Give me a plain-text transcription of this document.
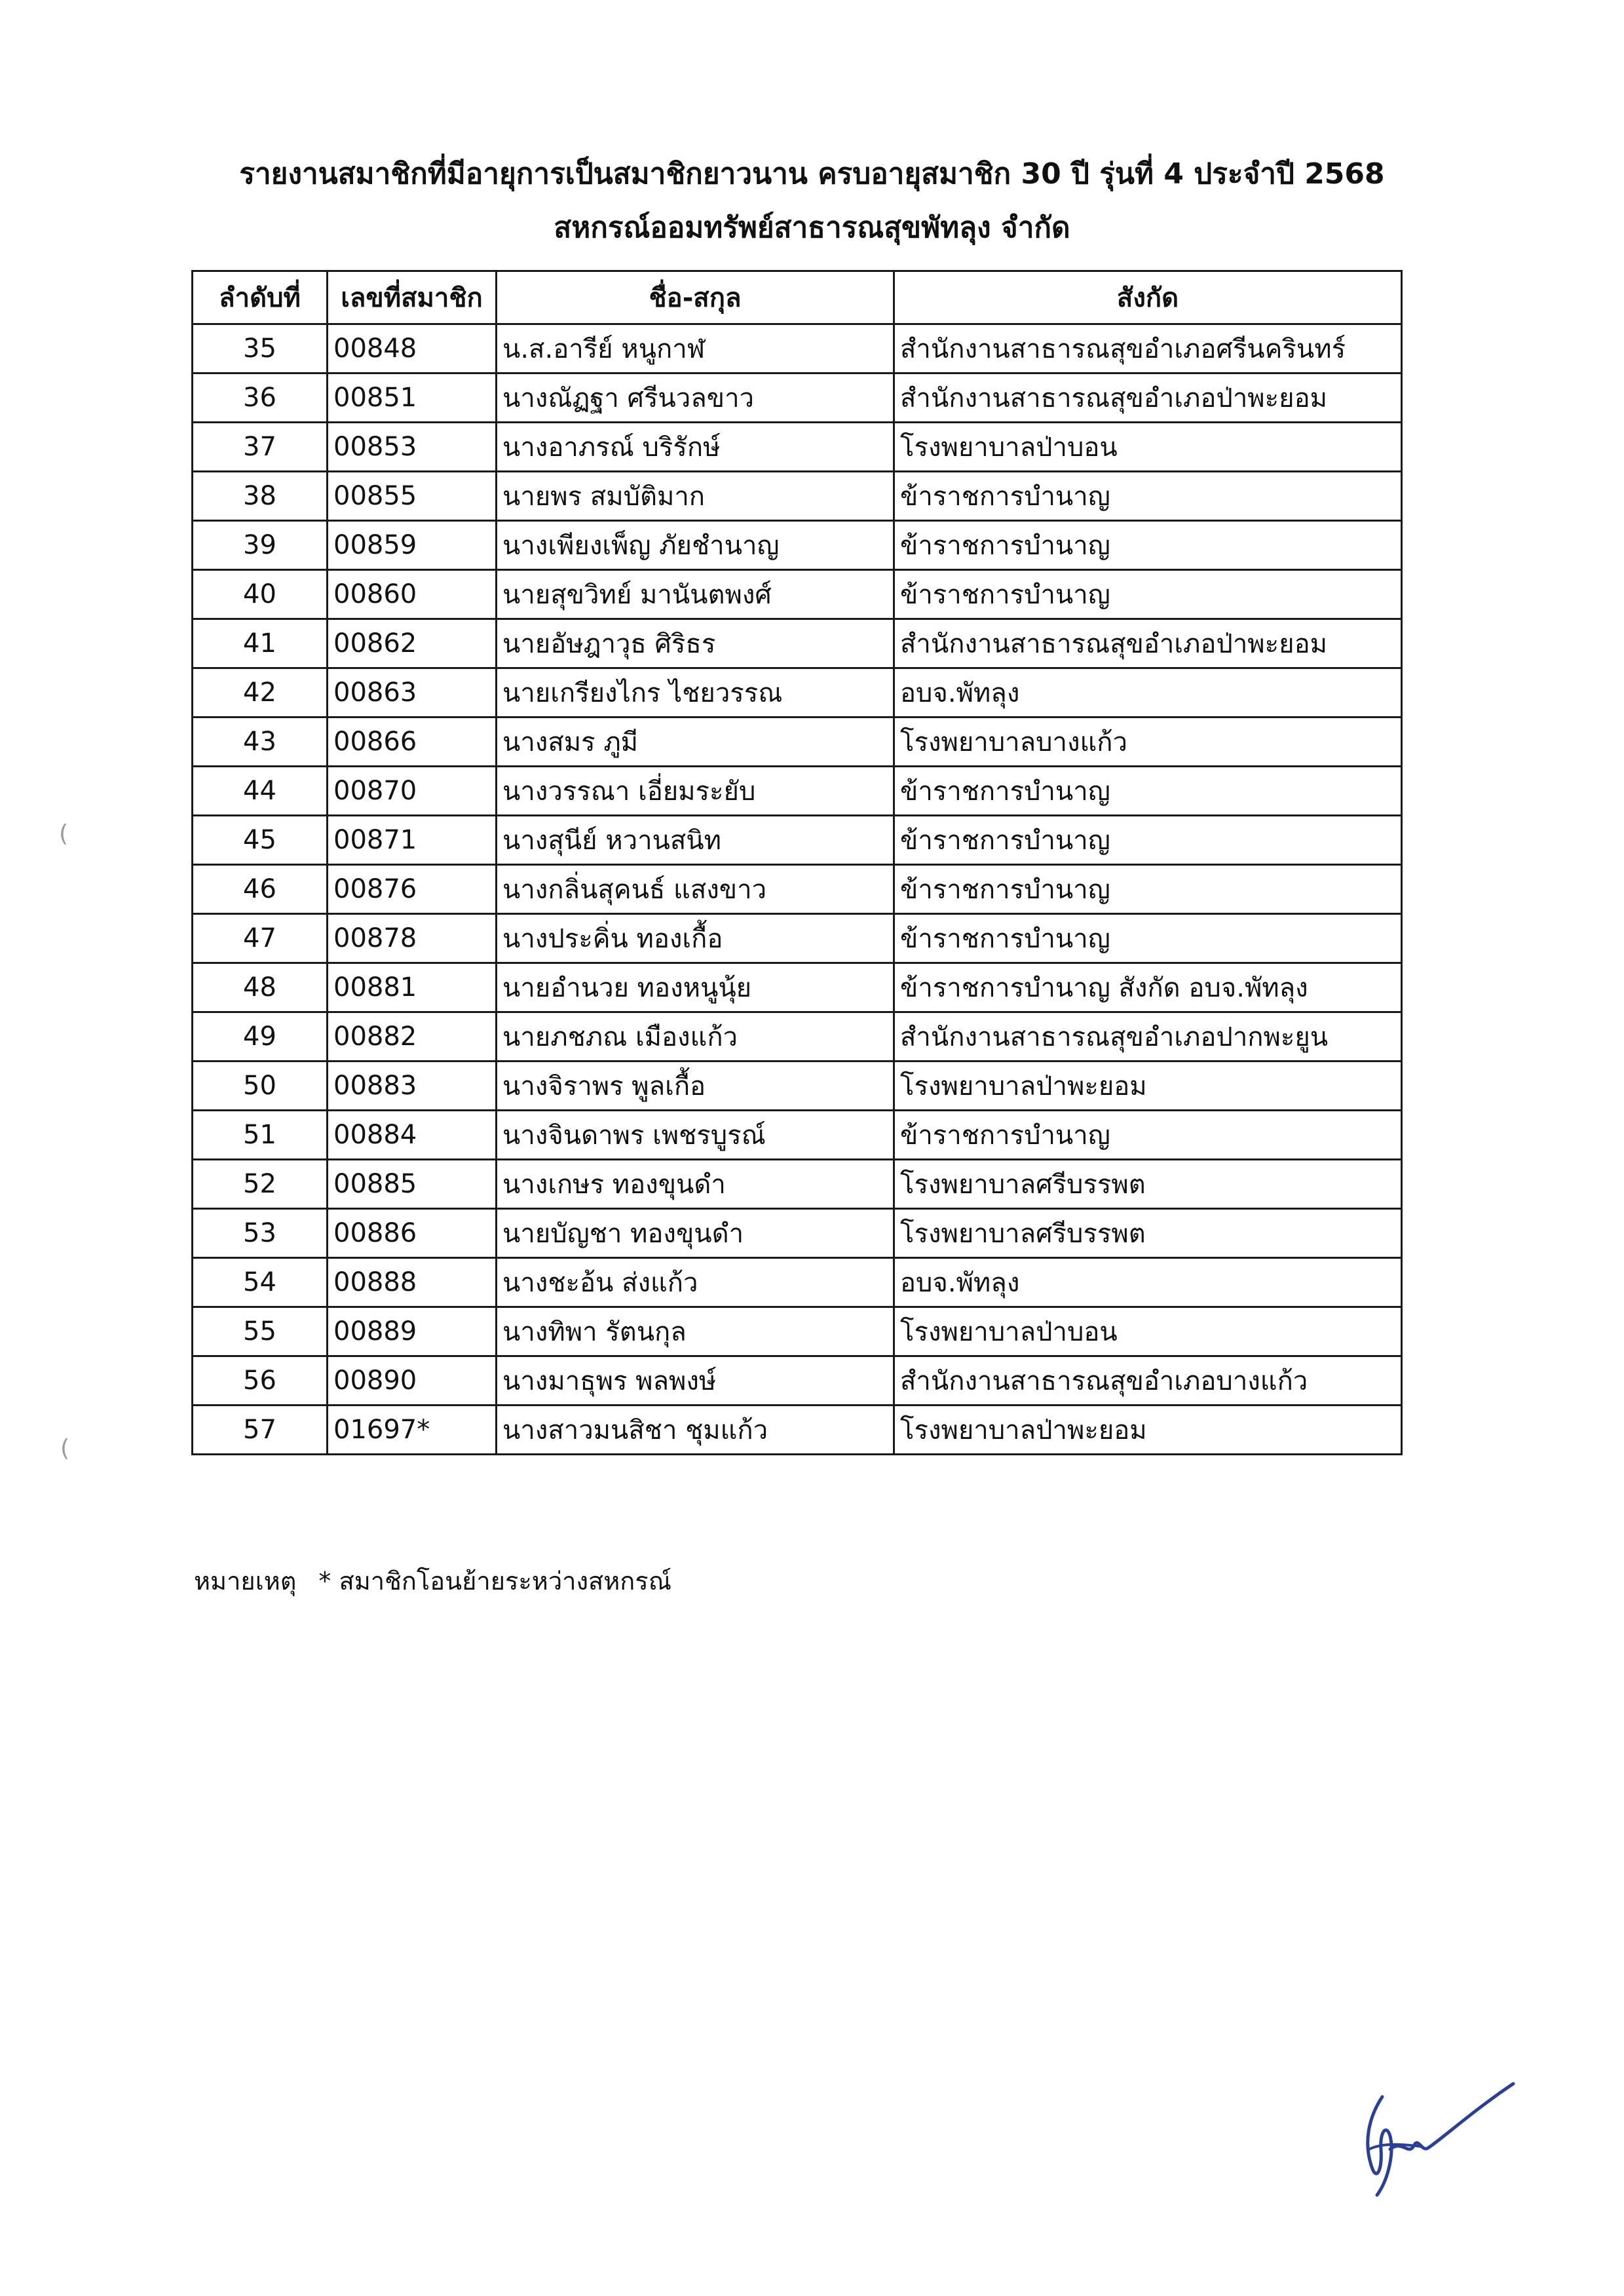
รายงานสมาชิกที่มีอายุการเป็นสมาชิกยาวนาน ครบอายุสมาชิก 30 ปี รุ่นที่ 4 ประจำปี 2568
สหกรณ์ออมทรัพย์สาธารณสุขพัทลุง จำกัด
ลำดับที่	เลขที่สมาชิก	ชื่อ-สกุล	สังกัด
35	00848	น.ส.อารีย์ หนูกาฬ	สำนักงานสาธารณสุขอำเภอศรีนครินทร์
36	00851	นางณัฏฐา ศรีนวลขาว	สำนักงานสาธารณสุขอำเภอป่าพะยอม
37	00853	นางอาภรณ์ บริรักษ์	โรงพยาบาลป่าบอน
38	00855	นายพร สมบัติมาก	ข้าราชการบำนาญ
39	00859	นางเพียงเพ็ญ ภัยชำนาญ	ข้าราชการบำนาญ
40	00860	นายสุขวิทย์ มานันตพงศ์	ข้าราชการบำนาญ
41	00862	นายอัษฎาวุธ ศิริธร	สำนักงานสาธารณสุขอำเภอป่าพะยอม
42	00863	นายเกรียงไกร ไชยวรรณ	อบจ.พัทลุง
43	00866	นางสมร ภูมี	โรงพยาบาลบางแก้ว
44	00870	นางวรรณา เอี่ยมระยับ	ข้าราชการบำนาญ
45	00871	นางสุนีย์ หวานสนิท	ข้าราชการบำนาญ
46	00876	นางกลิ่นสุคนธ์ แสงขาว	ข้าราชการบำนาญ
47	00878	นางประคิ่น ทองเกื้อ	ข้าราชการบำนาญ
48	00881	นายอำนวย ทองหนูนุ้ย	ข้าราชการบำนาญ สังกัด อบจ.พัทลุง
49	00882	นายภชภณ เมืองแก้ว	สำนักงานสาธารณสุขอำเภอปากพะยูน
50	00883	นางจิราพร พูลเกื้อ	โรงพยาบาลป่าพะยอม
51	00884	นางจินดาพร เพชรบูรณ์	ข้าราชการบำนาญ
52	00885	นางเกษร ทองขุนดำ	โรงพยาบาลศรีบรรพต
53	00886	นายบัญชา ทองขุนดำ	โรงพยาบาลศรีบรรพต
54	00888	นางชะอ้น ส่งแก้ว	อบจ.พัทลุง
55	00889	นางทิพา รัตนกุล	โรงพยาบาลป่าบอน
56	00890	นางมาธุพร พลพงษ์	สำนักงานสาธารณสุขอำเภอบางแก้ว
57	01697*	นางสาวมนสิชา ชุมแก้ว	โรงพยาบาลป่าพะยอม
หมายเหตุ * สมาชิกโอนย้ายระหว่างสหกรณ์
(
(
